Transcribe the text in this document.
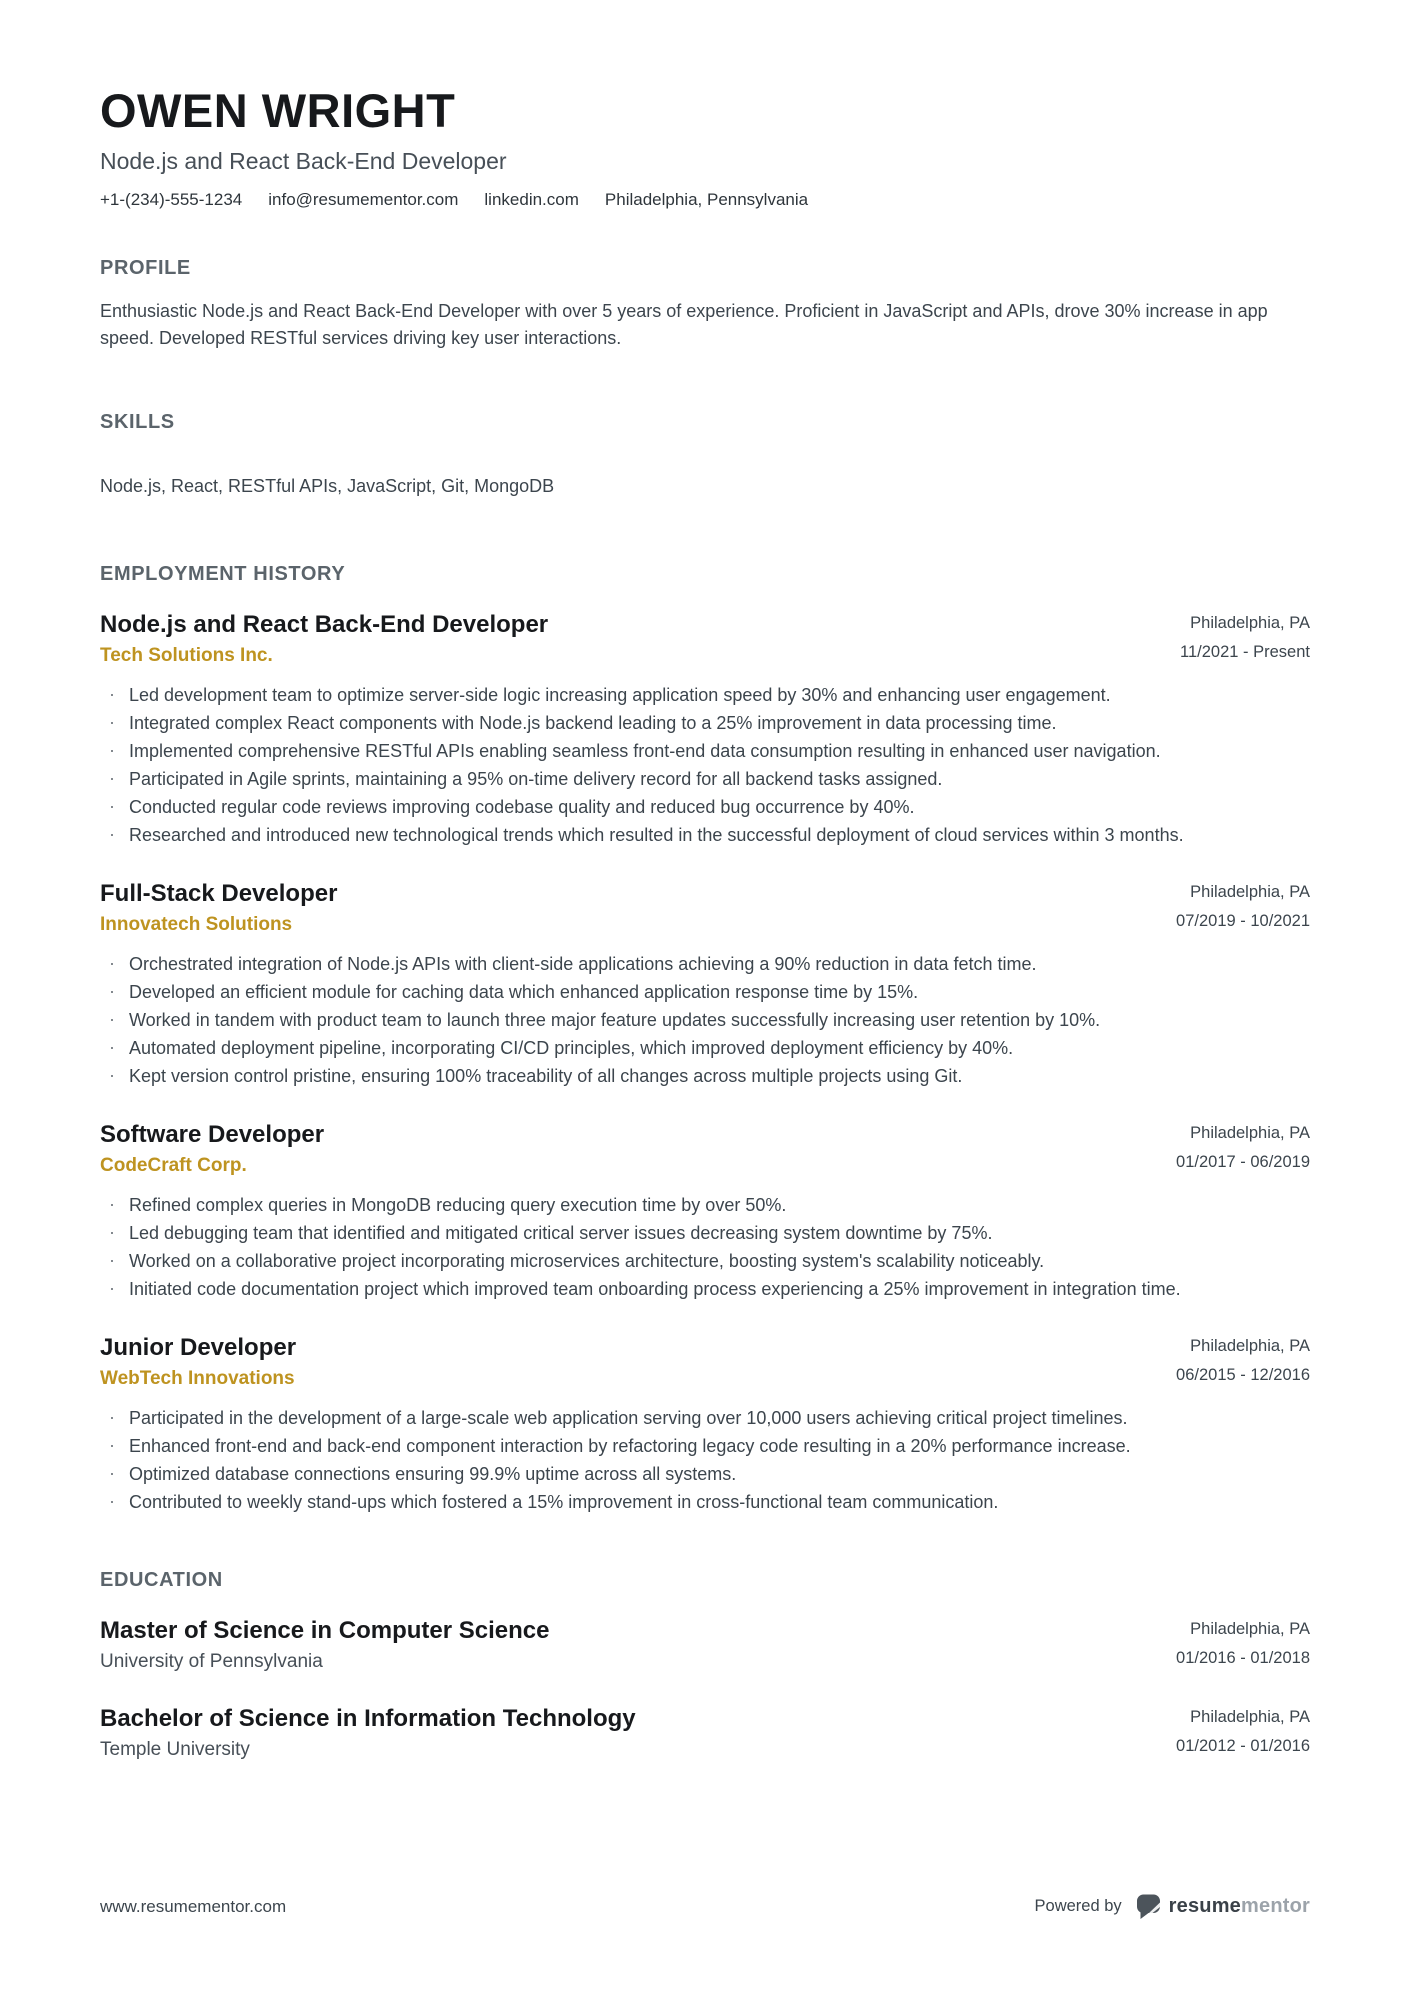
OWEN WRIGHT
Node.js and React Back-End Developer
+1-(234)-555-1234 info@resumementor.com linkedin.com Philadelphia, Pennsylvania
PROFILE

Enthusiastic Node.js and React Back-End Developer with over 5 years of experience. Proficient in JavaScript and APIs, drove 30% increase in app speed. Developed RESTful services driving key user interactions.

SKILLS
Node.js, React, RESTful APIs, JavaScript, Git, MongoDB
EMPLOYMENT HISTORY
Node.js and React Back-End Developer
Tech Solutions Inc.
Philadelphia, PA
11/2021 - Present
· Led development team to optimize server-side logic increasing application speed by 30% and enhancing user engagement.
· Integrated complex React components with Node.js backend leading to a 25% improvement in data processing time.
· Implemented comprehensive RESTful APIs enabling seamless front-end data consumption resulting in enhanced user navigation.
· Participated in Agile sprints, maintaining a 95% on-time delivery record for all backend tasks assigned.
· Conducted regular code reviews improving codebase quality and reduced bug occurrence by 40%.
· Researched and introduced new technological trends which resulted in the successful deployment of cloud services within 3 months.
Full-Stack Developer
Innovatech Solutions
Philadelphia, PA
07/2019 - 10/2021
· Orchestrated integration of Node.js APIs with client-side applications achieving a 90% reduction in data fetch time.
· Developed an efficient module for caching data which enhanced application response time by 15%.
· Worked in tandem with product team to launch three major feature updates successfully increasing user retention by 10%.
· Automated deployment pipeline, incorporating CI/CD principles, which improved deployment efficiency by 40%.
· Kept version control pristine, ensuring 100% traceability of all changes across multiple projects using Git.
Software Developer
CodeCraft Corp.
Philadelphia, PA
01/2017 - 06/2019
· Refined complex queries in MongoDB reducing query execution time by over 50%.
· Led debugging team that identified and mitigated critical server issues decreasing system downtime by 75%.
· Worked on a collaborative project incorporating microservices architecture, boosting system's scalability noticeably.
· Initiated code documentation project which improved team onboarding process experiencing a 25% improvement in integration time.
Junior Developer
WebTech Innovations
Philadelphia, PA
06/2015 - 12/2016
· Participated in the development of a large-scale web application serving over 10,000 users achieving critical project timelines.
· Enhanced front-end and back-end component interaction by refactoring legacy code resulting in a 20% performance increase.
· Optimized database connections ensuring 99.9% uptime across all systems.
· Contributed to weekly stand-ups which fostered a 15% improvement in cross-functional team communication.
EDUCATION
Master of Science in Computer Science
University of Pennsylvania
Philadelphia, PA
01/2016 - 01/2018
Bachelor of Science in Information Technology
Temple University
Philadelphia, PA
01/2012 - 01/2016
www.resumementor.com	Powered by resumementor
